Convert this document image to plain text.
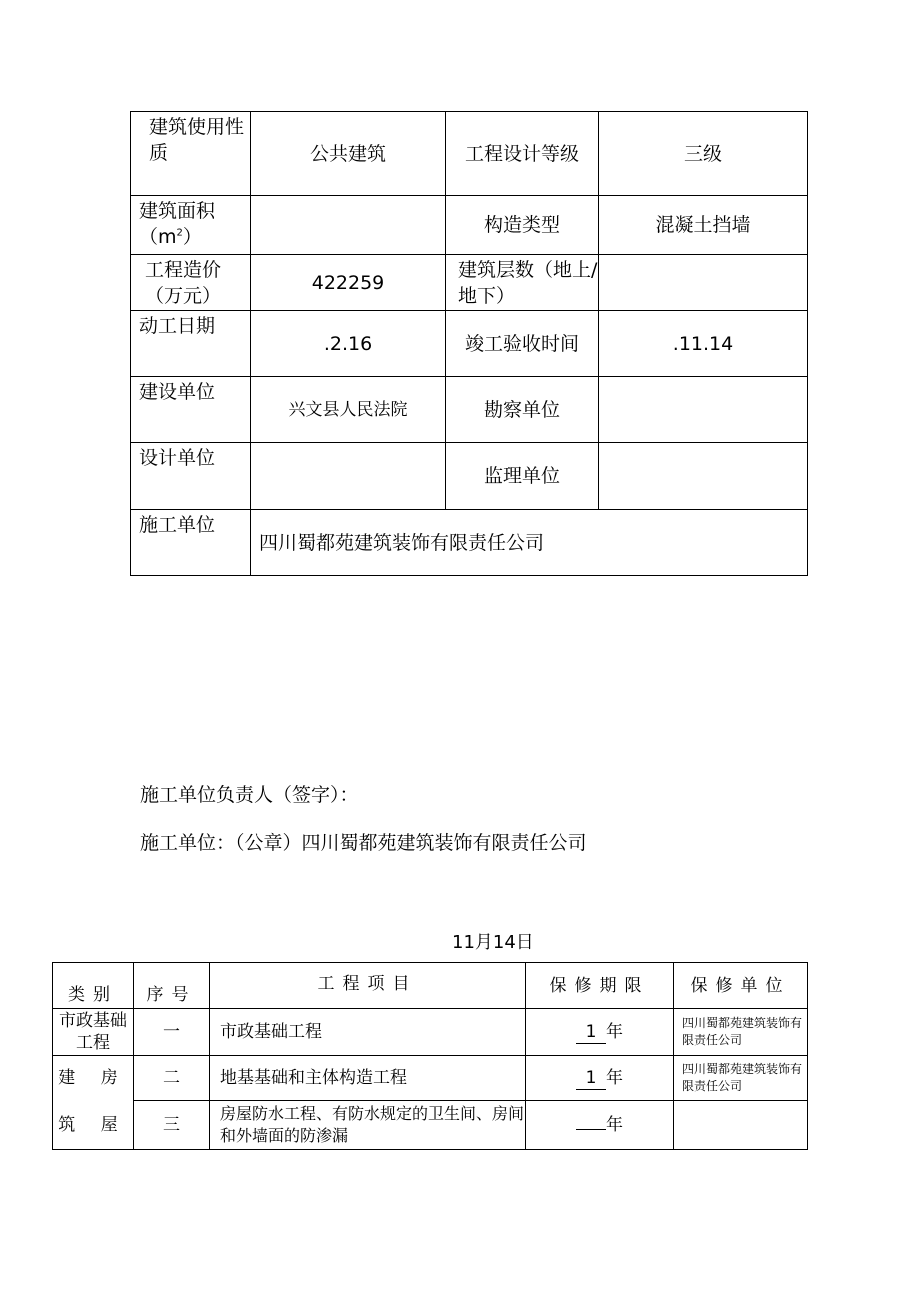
建筑使用性质	公共建筑	工程设计等级	三级
建筑面积$(m^2)$		构造类型	混凝土挡墙
工程造价（万元）	422259	建筑层数（地上/地下）	
动工日期	.2.16	竣工验收时间	.11.14
建设单位	兴文县人民法院	勘察单位	
设计单位		监理单位	
施工单位	四川蜀都苑建筑装饰有限责任公司		
施工单位负责人（签字）：
施工单位：（公章）四川蜀都苑建筑装饰有限责任公司
11月14日
类别	序号	工程项目	保修期限	保修单位
市政基础工程	一	市政基础工程	1 年	四川蜀都苑建筑装饰有限责任公司
建 房	二	地基基础和主体构造工程	1 年	四川蜀都苑建筑装饰有限责任公司
筑 屋	三	房屋防水工程、有防水规定的卫生间、房间和外墙面的防渗漏	年	
